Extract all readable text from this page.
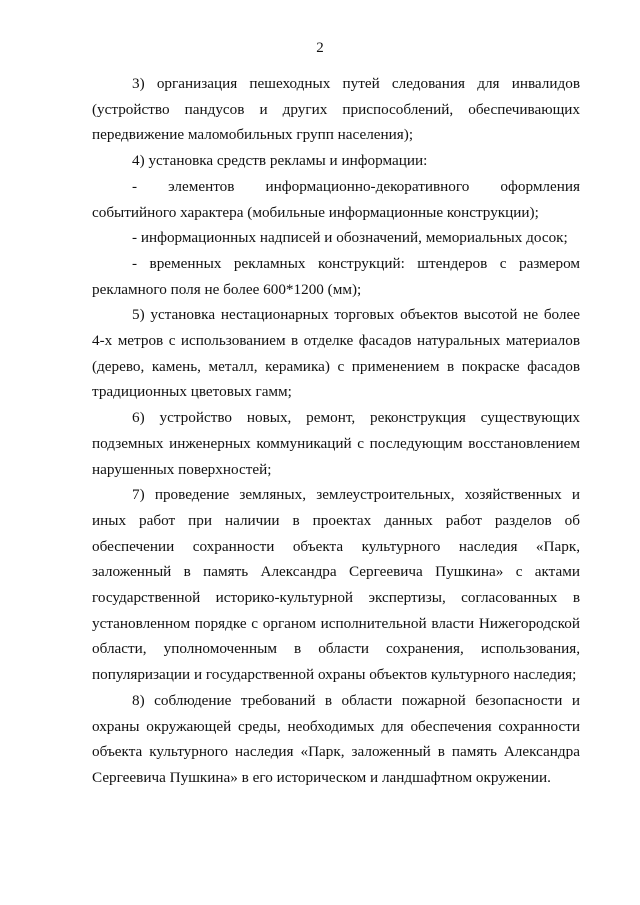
2

3) организация пешеходных путей следования для инвалидов (устройство пандусов и других приспособлений, обеспечивающих передвижение маломобильных групп населения);

4) установка средств рекламы и информации:

- элементов информационно-декоративного оформления событийного характера (мобильные информационные конструкции);

- информационных надписей и обозначений, мемориальных досок;

- временных рекламных конструкций: штендеров с размером рекламного поля не более 600*1200 (мм);

5) установка нестационарных торговых объектов высотой не более 4-х метров с использованием в отделке фасадов натуральных материалов (дерево, камень, металл, керамика) с применением в покраске фасадов традиционных цветовых гамм;

6) устройство новых, ремонт, реконструкция существующих подземных инженерных коммуникаций с последующим восстановлением нарушенных поверхностей;

7) проведение земляных, землеустроительных, хозяйственных и иных работ при наличии в проектах данных работ разделов об обеспечении сохранности объекта культурного наследия «Парк, заложенный в память Александра Сергеевича Пушкина» с актами государственной историко-культурной экспертизы, согласованных в установленном порядке с органом исполнительной власти Нижегородской области, уполномоченным в области сохранения, использования, популяризации и государственной охраны объектов культурного наследия;

8) соблюдение требований в области пожарной безопасности и охраны окружающей среды, необходимых для обеспечения сохранности объекта культурного наследия «Парк, заложенный в память Александра Сергеевича Пушкина» в его историческом и ландшафтном окружении.
